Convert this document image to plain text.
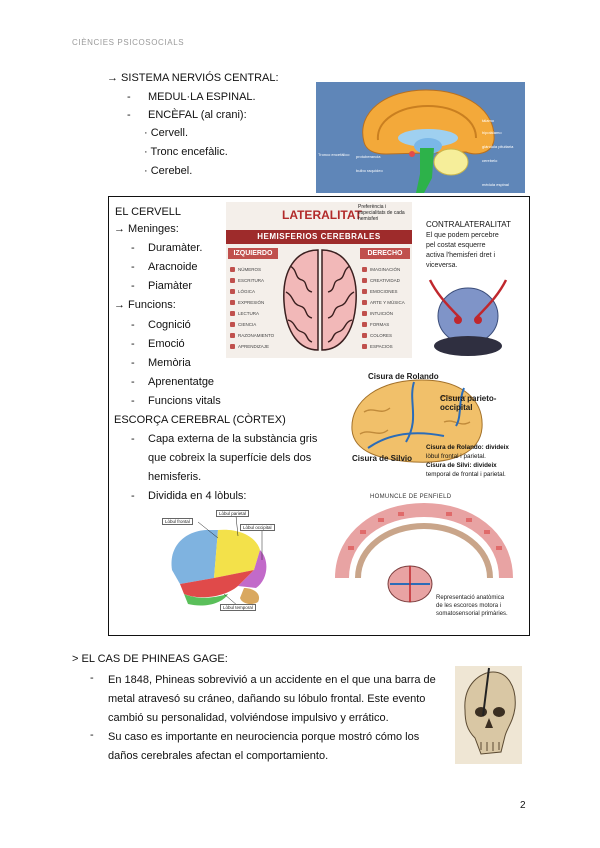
CIÈNCIES PSICOSOCIALS
→ SISTEMA NERVIÓS CENTRAL:
- MEDUL·LA ESPINAL.
- ENCÈFAL (al crani):
· Cervell.
· Tronc encefàlic.
· Cerebel.
Tronco encefálico protuberancia
bulbo raquídeo
tálamo
hipotálamo
glándula pituitaria
cerebelo
médula espinal
EL CERVELL
→ Meninges:
- Duramàter.
- Aracnoide
- Piamàter
→ Funcions:
- Cognició
- Emoció
- Memòria
- Aprenentatge
- Funcions vitals
ESCORÇA CEREBRAL (CÒRTEX)
- Capa externa de la substància gris
que cobreix la superfície dels dos
hemisferis.
- Dividida en 4 lòbuls:
LATERALITAT
Preferència i especialitats de cada hemisferi
HEMISFERIOS CEREBRALES
IZQUIERDO	DERECHO
NÚMEROS
ESCRITURA
LÓGICA
EXPRESIÓN
LECTURA
CIENCIA
RAZONAMIENTO
APRENDIZAJE
IMAGINACIÓN
CREATIVIDAD
EMOCIONES
ARTE Y MÚSICA
INTUICIÓN
FORMAS
COLORES
ESPACIOS
CONTRALATERALITAT
El que podem percebre
pel costat esquerre
activa l'hemisferi dret i
viceversa.
Cisura de Rolando
Cisura parieto-
occipital
Cisura de Silvio
Cisura de Rolando: divideix
lòbul frontal i parietal.
Cisura de Silvi: divideix
temporal de frontal i parietal.
Lòbul frontal
Lòbul parietal
Lòbul occipital
Lòbul temporal
HOMUNCLE DE PENFIELD
Representació anatòmica
de les escorces motora i
somatosensorial primàries.
> EL CAS DE PHINEAS GAGE:
- En 1848, Phineas sobrevivió a un accidente en el que una barra de
metal atravesó su cráneo, dañando su lóbulo frontal. Este evento
cambió su personalidad, volviéndose impulsivo y errático.
- Su caso es importante en neurociencia porque mostró cómo los
daños cerebrales afectan el comportamiento.
2
